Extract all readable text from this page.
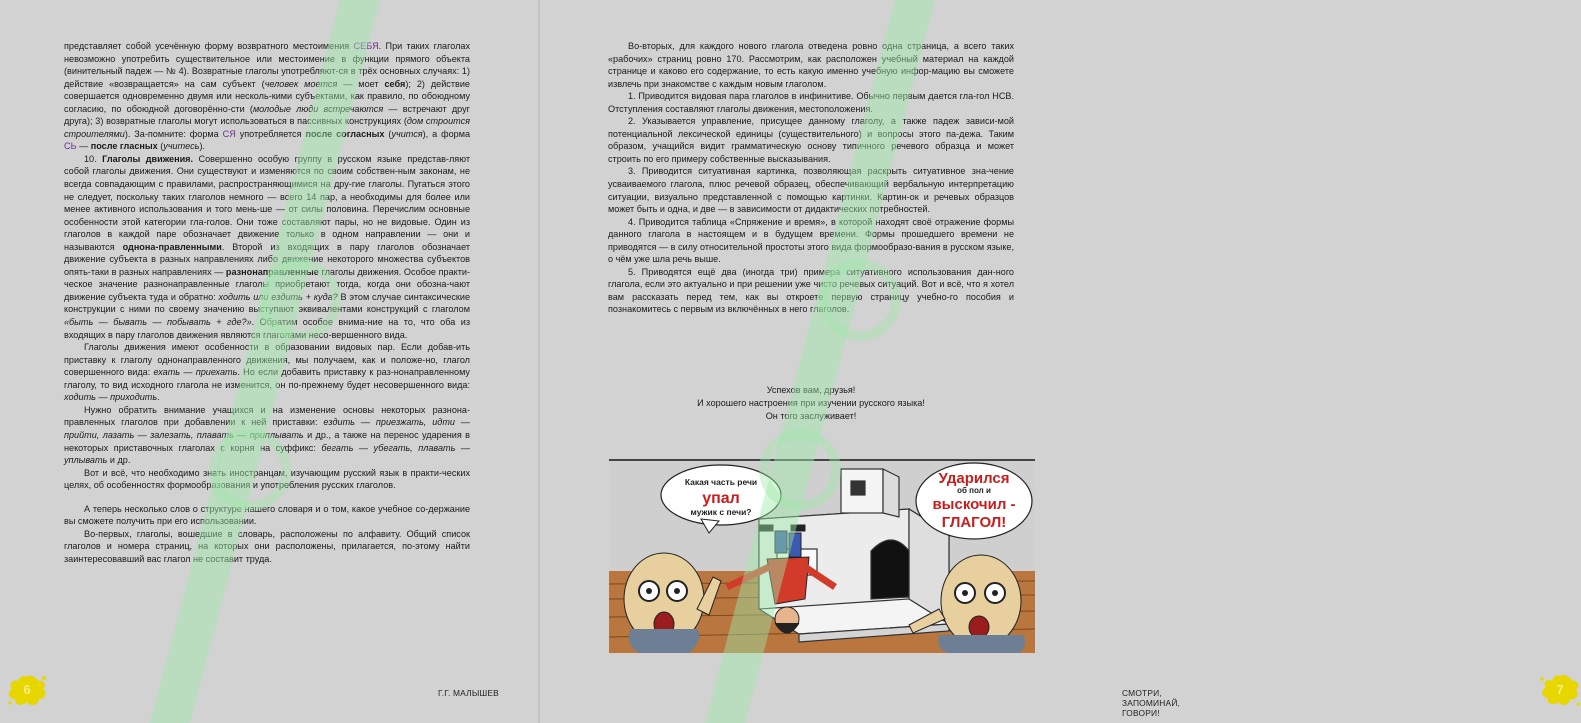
представляет собой усечённую форму возвратного местоимения СЕБЯ. При таких глаголах невозможно употребить существительное или местоимение в функции прямого объекта (винительный падеж — № 4). Возвратные глаголы употребляют-ся в трёх основных случаях: 1) действие «возвращается» на сам субъект (человек моется — мoет себя); 2) действие совершается одновременно двумя или несколь-кими субъектами, как правило, по обоюдному согласию, по обоюдной договорённо-сти (молодые люди встречаются — встречают друг друга); 3) возвратные глаголы могут использоваться в пассивных конструкциях (дом строится строителями). За-помните: форма СЯ употребляется после согласных (учится), а форма СЬ — после гласных (учитесь).

10. Глаголы движения. Совершенно особую группу в русском языке представ-ляют собой глаголы движения. Они существуют и изменяются по своим собствен-ным законам, не всегда совпадающим с правилами, распространяющимися на дру-гие глаголы. Пугаться этого не следует, поскольку таких глаголов немного — всего 14 пар, а необходимы для более или менее активного использования и того мень-ше — от силы половина. Перечислим основные особенности этой категории гла-голов. Они тоже составляют пары, но не видовые. Один из глаголов в каждой паре обозначает движение только в одном направлении — они и называются однона-правленными. Второй из входящих в пару глаголов обозначает движение субъекта в разных направлениях либо движение некоторого множества субъектов опять-таки в разных направлениях — разнонаправленные глаголы движения. Особое практи-ческое значение разнонаправленные глаголы приобретают тогда, когда они обозна-чают движение субъекта туда и обратно: ходить или ездить + куда? В этом случае синтаксические конструкции с ними по своему значению выступают эквивалентами конструкций с глаголом «быть — бывать — побывать + где?». Обратим особое внима-ние на то, что оба из входящих в пару глаголов движения являются глаголами несо-вершенного вида.

Глаголы движения имеют особенности в образовании видовых пар. Если добав-ить приставку к глаголу однонаправленного движения, мы получаем, как и положе-но, глагол совершенного вида: ехать — приехать. Но если добавить приставку к раз-нонаправленному глаголу, то вид исходного глагола не изменится, он по-прежнему будет несовершенного вида: ходить — приходить.

Нужно обратить внимание учащихся и на изменение основы некоторых разнона-правленных глаголов при добавлении к ней приставки: ездить — приезжать, идти — прийти, лазать — залезать, плавать — приплывать и др., а также на перенос ударения в некоторых приставочных глаголах с корня на суффикс: бегать — убегать, плавать — уплывать и др.

Вот и всё, что необходимо знать иностранцам, изучающим русский язык в практи-ческих целях, об особенностях формообразования и употребления русских глаголов.

А теперь несколько слов о структуре нашего словаря и о том, какое учебное со-держание вы сможете получить при его использовании.

Во-первых, глаголы, вошедшие в словарь, расположены по алфавиту. Общий список глаголов и номера страниц, на которых они расположены, прилагается, по-этому найти заинтересовавший вас глагол не составит труда.

6	Г.Г. МАЛЫШЕВ	СМОТРИ, ЗАПОМИНАЙ, ГОВОРИ!
7

Во-вторых, для каждого нового глагола отведена ровно одна страница, а всего таких «рабочих» страниц ровно 170. Рассмотрим, как расположен учебный материал на каждой странице и каково его содержание, то есть какую именно учебную инфор-мацию вы сможете извлечь при знакомстве с каждым новым глаголом.

1. Приводится видовая пара глаголов в инфинитиве. Обычно первым дается гла-гол НСВ. Отступления составляют глаголы движения, местоположения.

2. Указывается управление, присущее данному глаголу, а также падеж зависи-мой потенциальной лексической единицы (существительного) и вопросы этого па-дежа. Таким образом, учащийся видит грамматическую основу типичного речевого образца и может строить по его примеру собственные высказывания.

3. Приводится ситуативная картинка, позволяющая раскрыть ситуативное зна-чение усваиваемого глагола, плюс речевой образец, обеспечивающий вербальную интерпретацию ситуации, визуально представленной с помощью картинки. Картин-ок и речевых образцов может быть и одна, и две — в зависимости от дидактических потребностей.

4. Приводится таблица «Спряжение и время», в которой находят своё отражение формы данного глагола в настоящем и в будущем времени. Формы прошедшего времени не приводятся — в силу относительной простоты этого вида формообразо-вания в русском языке, о чём уже шла речь выше.

5. Приводятся ещё два (иногда три) примера ситуативного использования дан-ного глагола, если это актуально и при решении уже чисто речевых ситуаций. Вот и всё, что я хотел вам рассказать перед тем, как вы откроете первую страницу учебно-го пособия и познакомитесь с первым из включённых в него глаголов.

Успехов вам, друзья!
И хорошего настроения при изучении русского языка!
Он того заслуживает!
Какая часть речи
упал
мужик с печи?
Ударился
об пол и
выскочил -
ГЛАГОЛ!
